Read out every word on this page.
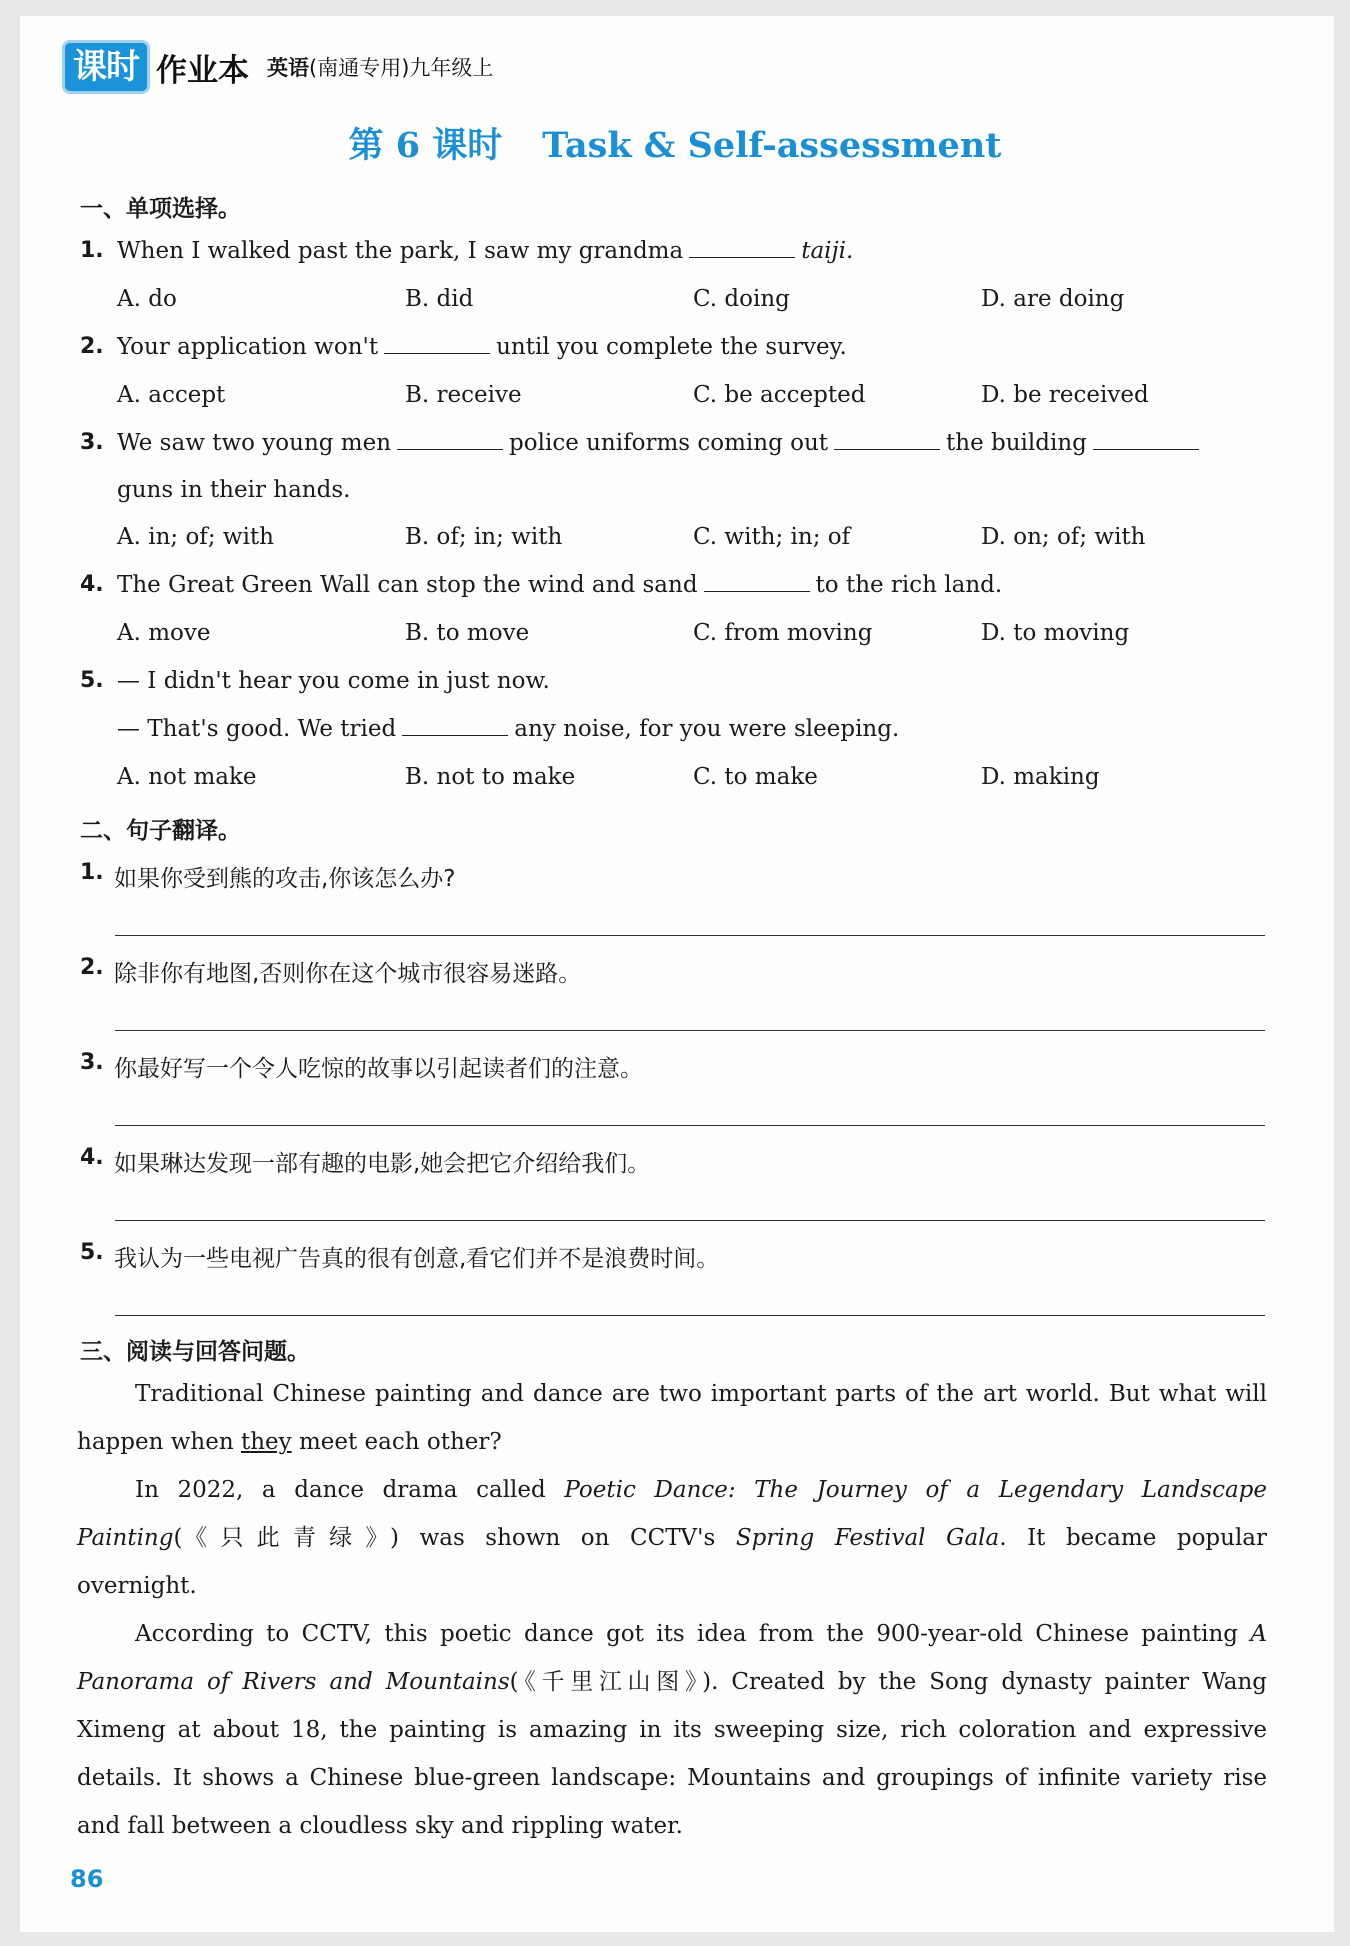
课时 作业本 英语(南通专用)九年级上
第 6 课时 Task & Self-assessment
一、单项选择。
1. When I walked past the park, I saw my grandma	taiji.
A. do	B. did	C. doing	D. are doing
2. Your application won't	until you complete the survey.
A. accept	B. receive	C. be accepted	D. be received
3. We saw two young men	police uniforms coming out	the building
guns in their hands.
A. in; of; with	B. of; in; with	C. with; in; of	D. on; of; with
4. The Great Green Wall can stop the wind and sand	to the rich land.
A. move	B. to move	C. from moving	D. to moving
5. — I didn't hear you come in just now.
— That's good. We tried	any noise, for you were sleeping.
A. not make	B. not to make	C. to make	D. making
二、句子翻译。
1. 如果你受到熊的攻击,你该怎么办?
2. 除非你有地图,否则你在这个城市很容易迷路。
3. 你最好写一个令人吃惊的故事以引起读者们的注意。
4. 如果琳达发现一部有趣的电影,她会把它介绍给我们。
5. 我认为一些电视广告真的很有创意,看它们并不是浪费时间。
三、阅读与回答问题。
Traditional Chinese painting and dance are two important parts of the art world. But what will
happen when they meet each other?
In 2022, a dance drama called Poetic Dance: The Journey of a Legendary Landscape
Painting(《只此青绿》) was shown on CCTV's Spring Festival Gala. It became popular
overnight.
According to CCTV, this poetic dance got its idea from the 900-year-old Chinese painting A
Panorama of Rivers and Mountains(《千里江山图》). Created by the Song dynasty painter Wang
Ximeng at about 18, the painting is amazing in its sweeping size, rich coloration and expressive
details. It shows a Chinese blue-green landscape: Mountains and groupings of infinite variety rise
and fall between a cloudless sky and rippling water.
86
